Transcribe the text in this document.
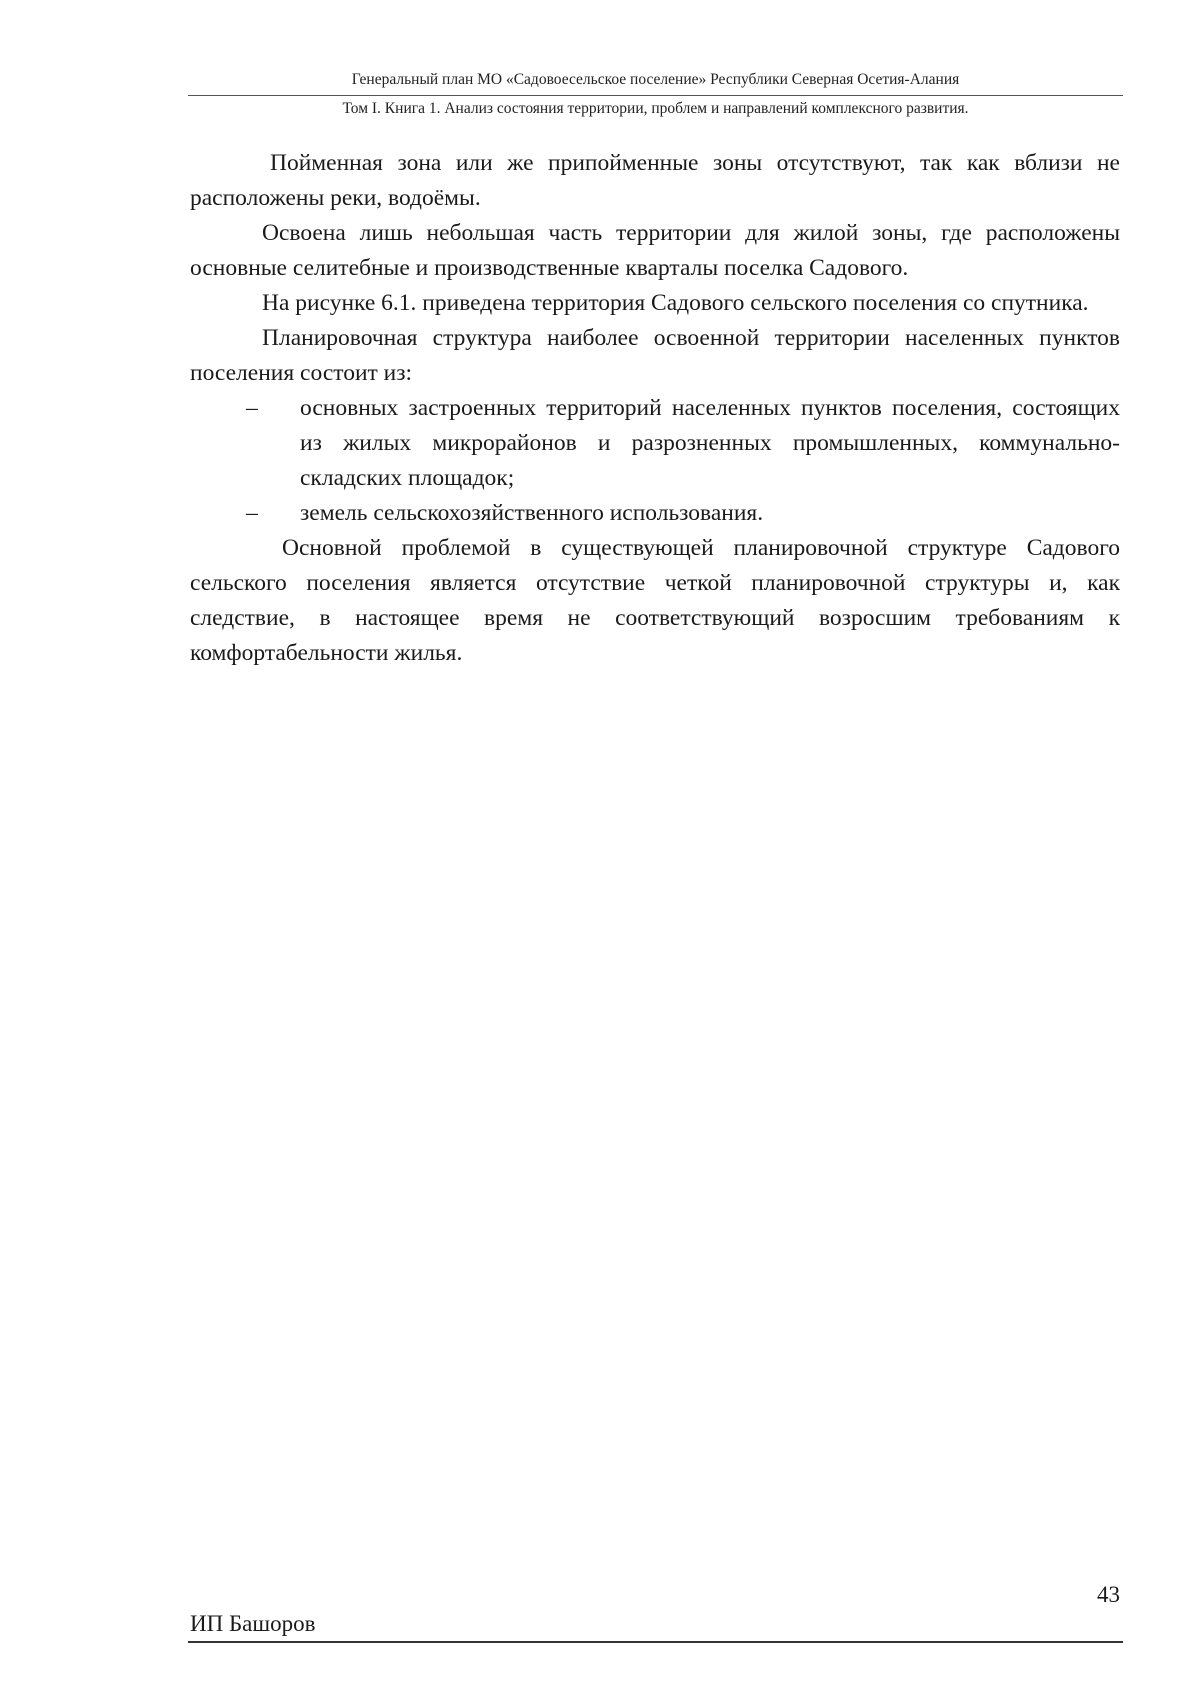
Генеральный план МО «Садовоесельское поселение» Республики Северная Осетия-Алания
Том I. Книга 1. Анализ состояния территории, проблем и направлений комплексного развития.

Пойменная зона или же припойменные зоны отсутствуют, так как вблизи не расположены реки, водоёмы.

Освоена лишь небольшая часть территории для жилой зоны, где расположены основные селитебные и производственные кварталы поселка Садового.

На рисунке 6.1. приведена территория Садового сельского поселения со спутника.

Планировочная структура наиболее освоенной территории населенных пунктов поселения состоит из:

– основных застроенных территорий населенных пунктов поселения, состоящих из жилых микрорайонов и разрозненных промышленных, коммунально-складских площадок;
– земель сельскохозяйственного использования.

Основной проблемой в существующей планировочной структуре Садового сельского поселения является отсутствие четкой планировочной структуры и, как следствие, в настоящее время не соответствующий возросшим требованиям к комфортабельности жилья.

43
ИП Башоров
